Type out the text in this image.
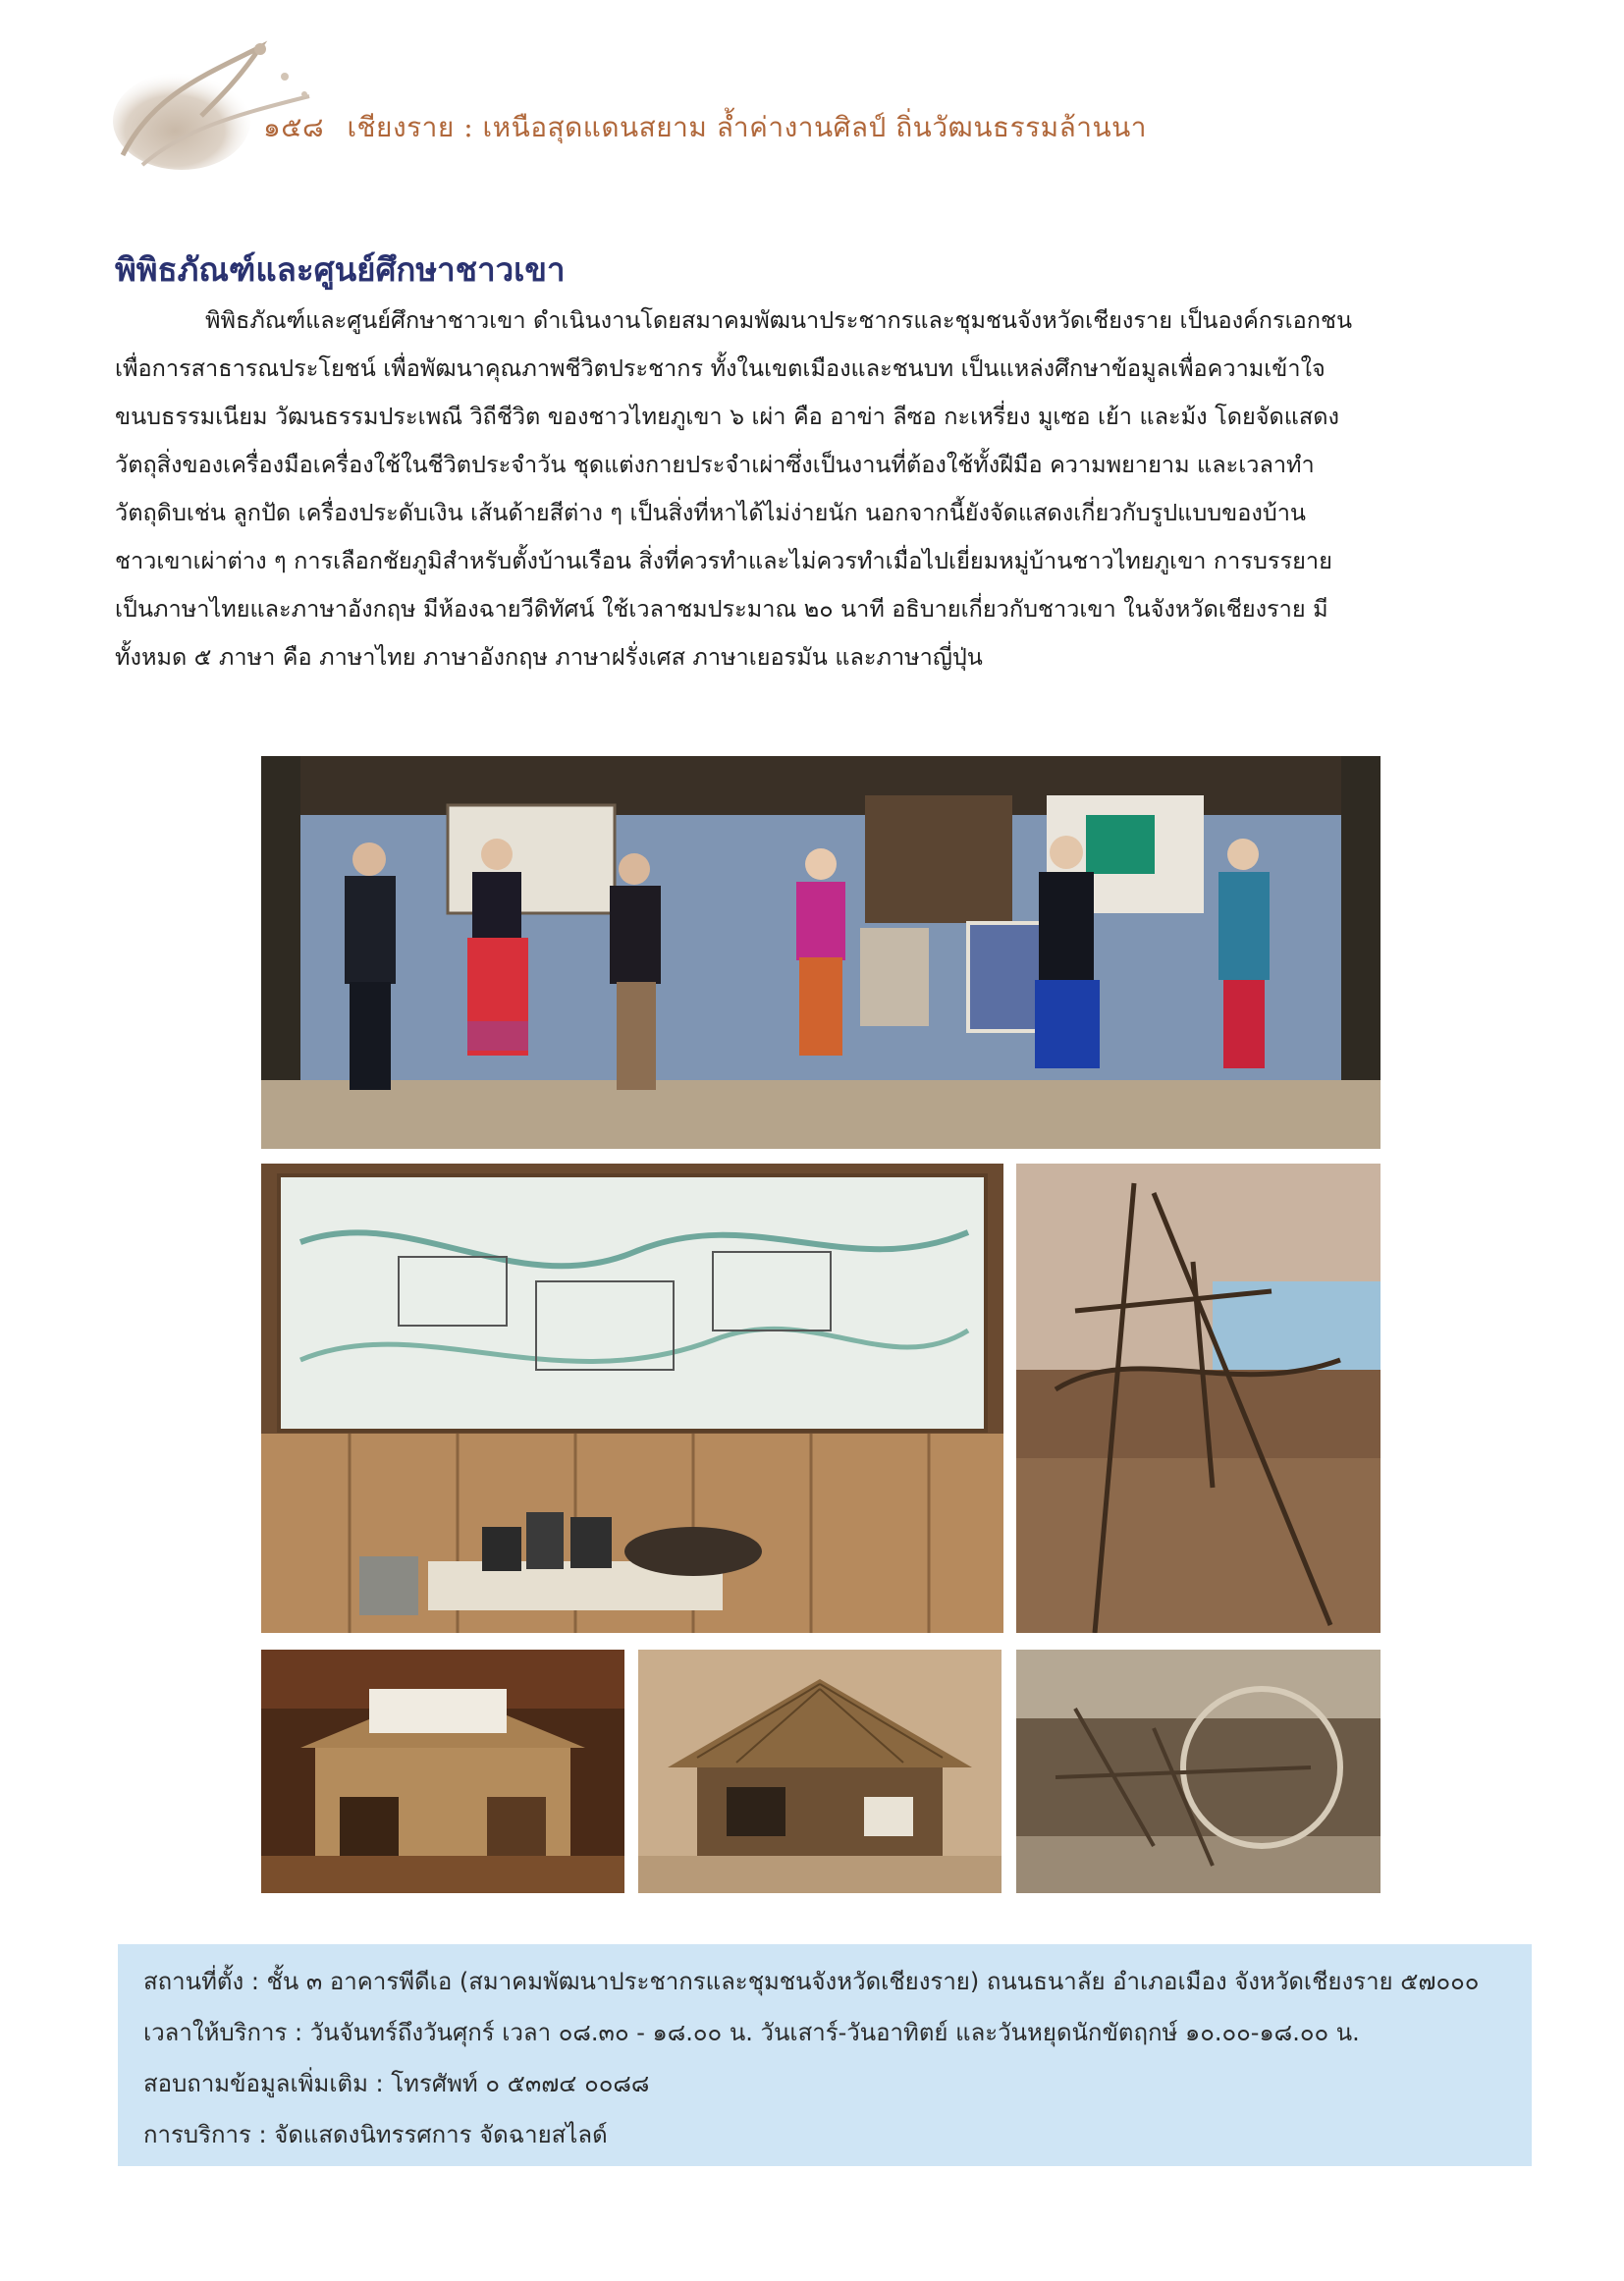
๑๕๘ เชียงราย : เหนือสุดแดนสยาม ล้ำค่างานศิลป์ ถิ่นวัฒนธรรมล้านนา
พิพิธภัณฑ์และศูนย์ศึกษาชาวเขา
พิพิธภัณฑ์และศูนย์ศึกษาชาวเขา ดำเนินงานโดยสมาคมพัฒนาประชากรและชุมชนจังหวัดเชียงราย เป็นองค์กรเอกชน
เพื่อการสาธารณประโยชน์ เพื่อพัฒนาคุณภาพชีวิตประชากร ทั้งในเขตเมืองและชนบท เป็นแหล่งศึกษาข้อมูลเพื่อความเข้าใจ
ขนบธรรมเนียม วัฒนธรรมประเพณี วิถีชีวิต ของชาวไทยภูเขา ๖ เผ่า คือ อาข่า ลีซอ กะเหรี่ยง มูเซอ เย้า และม้ง โดยจัดแสดง
วัตถุสิ่งของเครื่องมือเครื่องใช้ในชีวิตประจำวัน ชุดแต่งกายประจำเผ่าซึ่งเป็นงานที่ต้องใช้ทั้งฝีมือ ความพยายาม และเวลาทำ
วัตถุดิบเช่น ลูกปัด เครื่องประดับเงิน เส้นด้ายสีต่าง ๆ เป็นสิ่งที่หาได้ไม่ง่ายนัก นอกจากนี้ยังจัดแสดงเกี่ยวกับรูปแบบของบ้าน
ชาวเขาเผ่าต่าง ๆ การเลือกชัยภูมิสำหรับตั้งบ้านเรือน สิ่งที่ควรทำและไม่ควรทำเมื่อไปเยี่ยมหมู่บ้านชาวไทยภูเขา การบรรยาย
เป็นภาษาไทยและภาษาอังกฤษ มีห้องฉายวีดิทัศน์ ใช้เวลาชมประมาณ ๒๐ นาที อธิบายเกี่ยวกับชาวเขา ในจังหวัดเชียงราย มี
ทั้งหมด ๕ ภาษา คือ ภาษาไทย ภาษาอังกฤษ ภาษาฝรั่งเศส ภาษาเยอรมัน และภาษาญี่ปุ่น
สถานที่ตั้ง : ชั้น ๓ อาคารพีดีเอ (สมาคมพัฒนาประชากรและชุมชนจังหวัดเชียงราย) ถนนธนาลัย อำเภอเมือง จังหวัดเชียงราย ๕๗๐๐๐
เวลาให้บริการ : วันจันทร์ถึงวันศุกร์ เวลา ๐๘.๓๐ - ๑๘.๐๐ น. วันเสาร์-วันอาทิตย์ และวันหยุดนักขัตฤกษ์ ๑๐.๐๐-๑๘.๐๐ น.
สอบถามข้อมูลเพิ่มเติม : โทรศัพท์ ๐ ๕๓๗๔ ๐๐๘๘
การบริการ : จัดแสดงนิทรรศการ จัดฉายสไลด์
